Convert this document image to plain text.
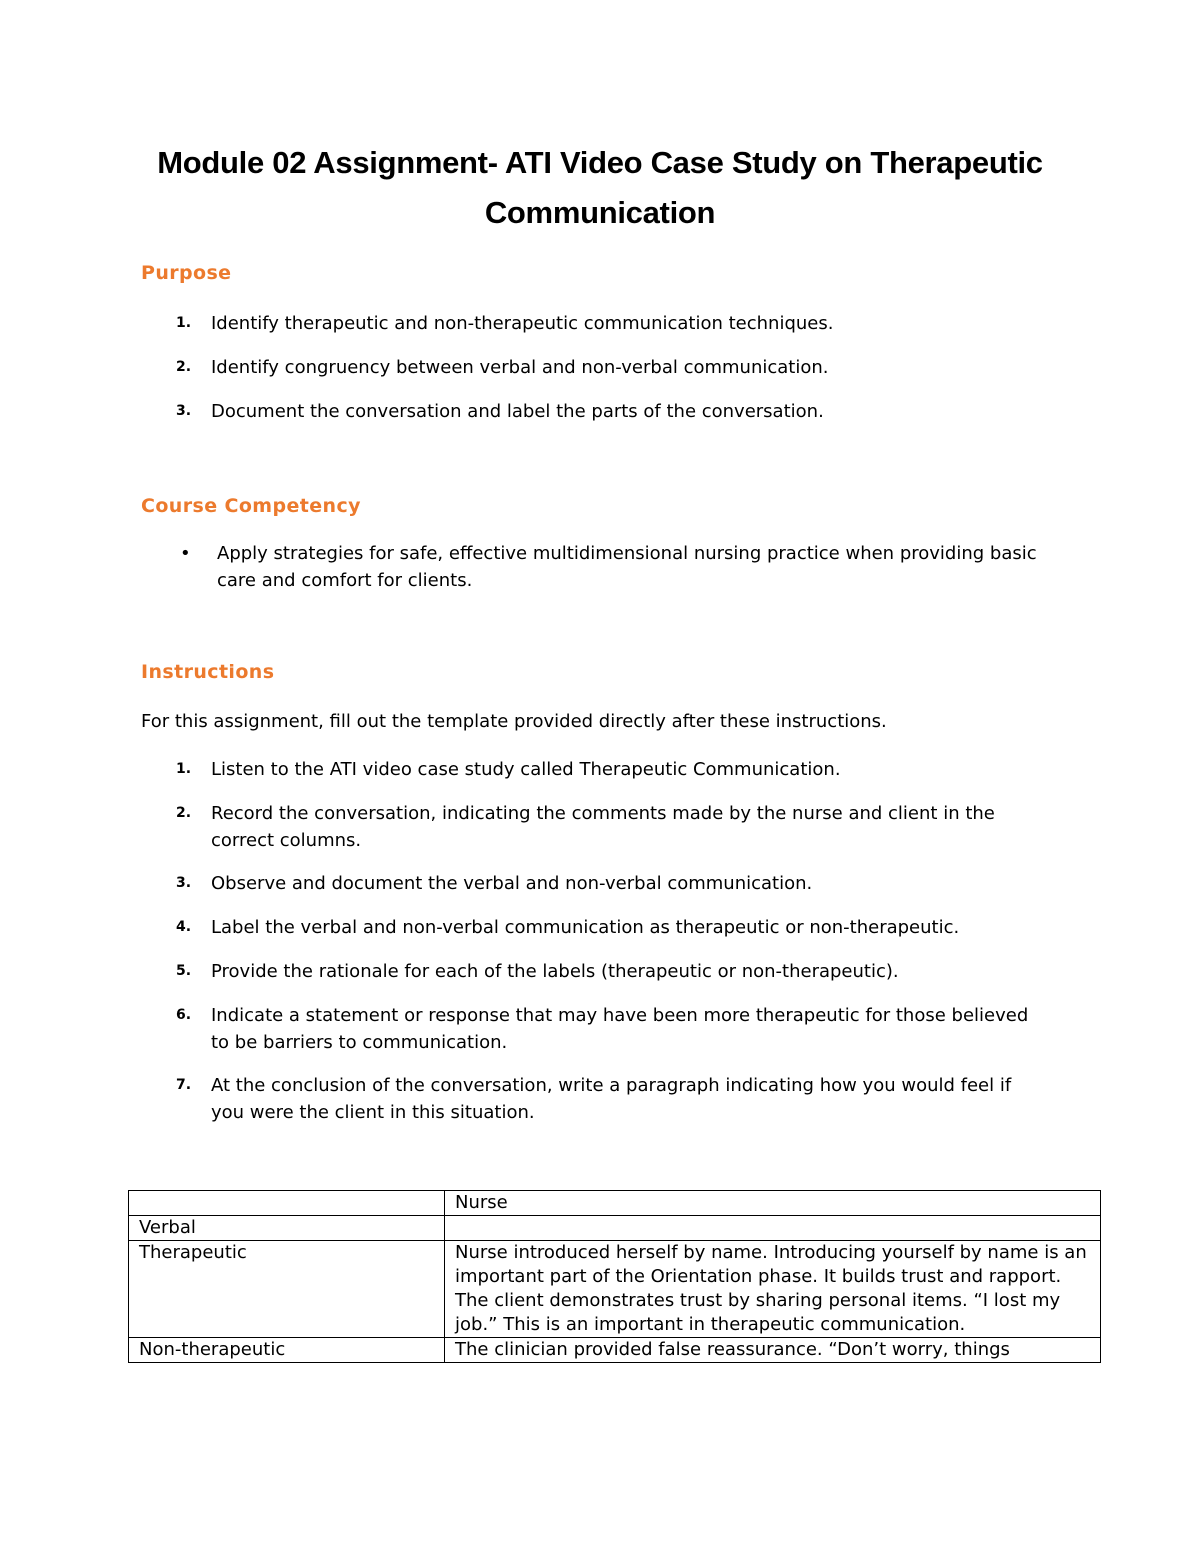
Module 02 Assignment- ATI Video Case Study on Therapeutic
Communication
Purpose
1.	Identify therapeutic and non-therapeutic communication techniques.
2.	Identify congruency between verbal and non-verbal communication.
3.	Document the conversation and label the parts of the conversation.
Course Competency
• Apply strategies for safe, effective multidimensional nursing practice when providing basic care and comfort for clients.
Instructions
For this assignment, fill out the template provided directly after these instructions.
1.	Listen to the ATI video case study called Therapeutic Communication.
2.	Record the conversation, indicating the comments made by the nurse and client in the correct columns.
3.	Observe and document the verbal and non-verbal communication.
4.	Label the verbal and non-verbal communication as therapeutic or non-therapeutic.
5.	Provide the rationale for each of the labels (therapeutic or non-therapeutic).
6.	Indicate a statement or response that may have been more therapeutic for those believed to be barriers to communication.
7.	At the conclusion of the conversation, write a paragraph indicating how you would feel if you were the client in this situation.
	Nurse
Verbal	
Therapeutic	Nurse introduced herself by name. Introducing yourself by name is an important part of the Orientation phase. It builds trust and rapport.

The client demonstrates trust by sharing personal items. “I lost my job.” This is an important in therapeutic communication.

Non-therapeutic	The clinician provided false reassurance. “Don’t worry, things
